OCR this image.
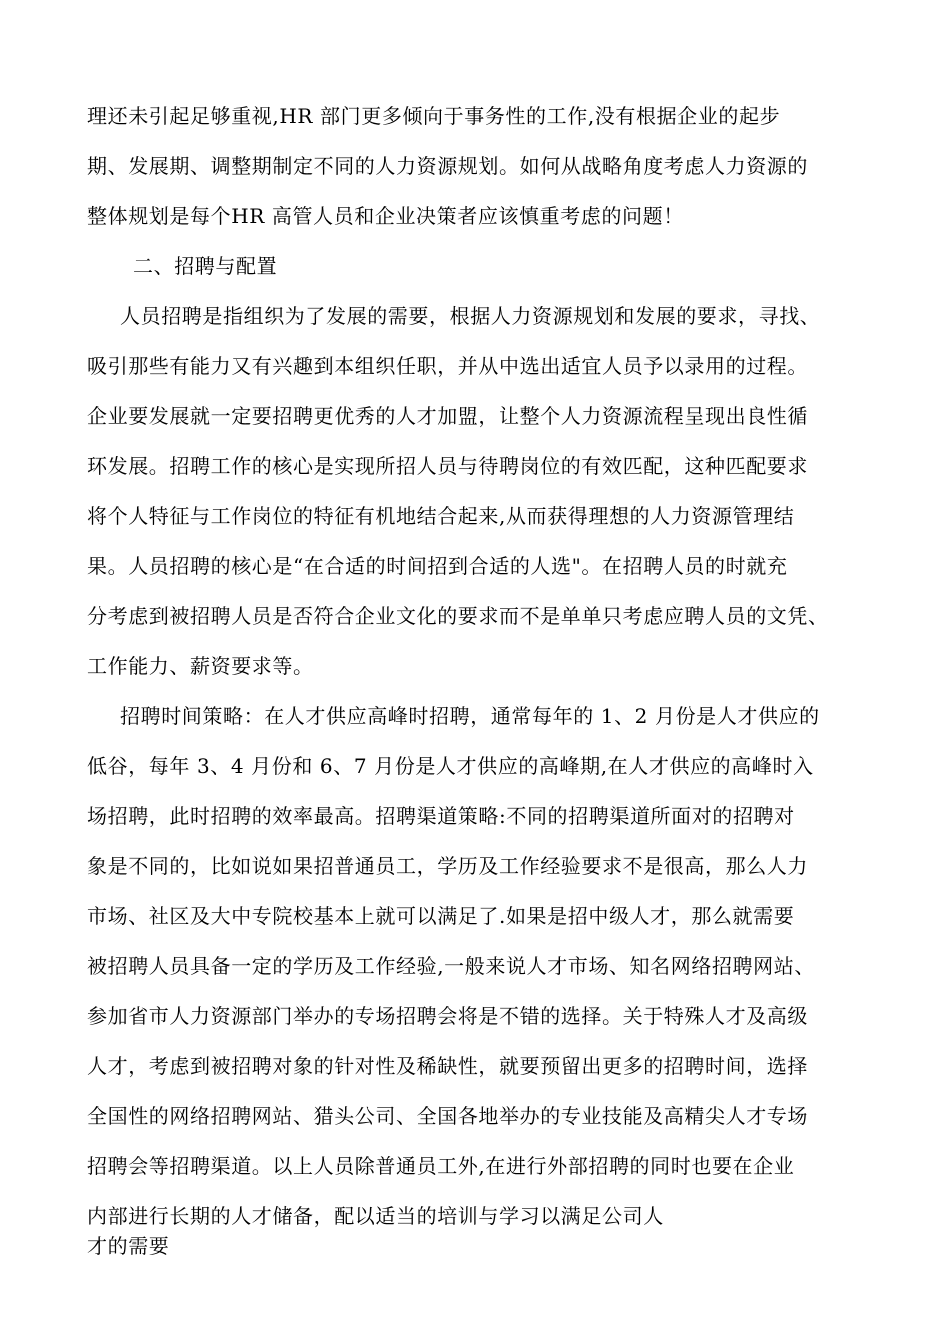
理还未引起足够重视,HR 部门更多倾向于事务性的工作,没有根据企业的起步
期、发展期、调整期制定不同的人力资源规划。如何从战略角度考虑人力资源的
整体规划是每个HR 高管人员和企业决策者应该慎重考虑的问题！
二、招聘与配置
人员招聘是指组织为了发展的需要，根据人力资源规划和发展的要求，寻找、
吸引那些有能力又有兴趣到本组织任职，并从中选出适宜人员予以录用的过程。
企业要发展就一定要招聘更优秀的人才加盟，让整个人力资源流程呈现出良性循
环发展。招聘工作的核心是实现所招人员与待聘岗位的有效匹配，这种匹配要求
将个人特征与工作岗位的特征有机地结合起来,从而获得理想的人力资源管理结
果。人员招聘的核心是“在合适的时间招到合适的人选"。在招聘人员的时就充
分考虑到被招聘人员是否符合企业文化的要求而不是单单只考虑应聘人员的文凭、
工作能力、薪资要求等。
招聘时间策略：在人才供应高峰时招聘，通常每年的 1、2 月份是人才供应的
低谷，每年 3、4 月份和 6、7 月份是人才供应的高峰期,在人才供应的高峰时入
场招聘，此时招聘的效率最高。招聘渠道策略:不同的招聘渠道所面对的招聘对
象是不同的，比如说如果招普通员工，学历及工作经验要求不是很高，那么人力
市场、社区及大中专院校基本上就可以满足了.如果是招中级人才，那么就需要
被招聘人员具备一定的学历及工作经验,一般来说人才市场、知名网络招聘网站、
参加省市人力资源部门举办的专场招聘会将是不错的选择。关于特殊人才及高级
人才，考虑到被招聘对象的针对性及稀缺性，就要预留出更多的招聘时间，选择
全国性的网络招聘网站、猎头公司、全国各地举办的专业技能及高精尖人才专场
招聘会等招聘渠道。以上人员除普通员工外,在进行外部招聘的同时也要在企业
内部进行长期的人才储备，配以适当的培训与学习以满足公司人
才的需要
